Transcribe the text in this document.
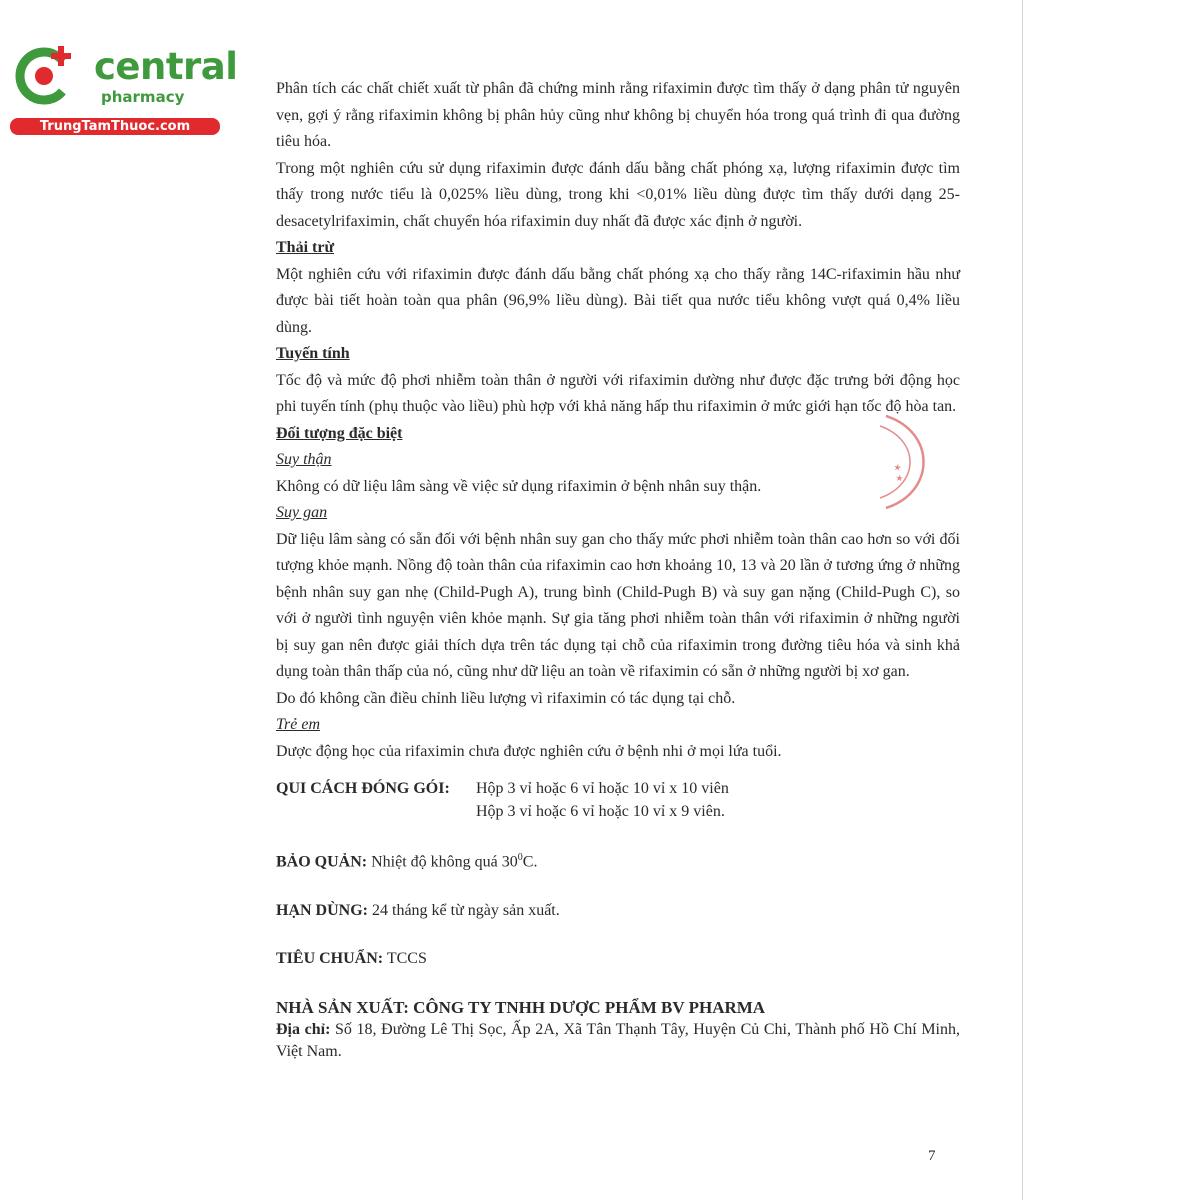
central
pharmacy
TrungTamThuoc.com
★ ★

Phân tích các chất chiết xuất từ phân đã chứng minh rằng rifaximin được tìm thấy ở dạng phân tử nguyên vẹn, gợi ý rằng rifaximin không bị phân hủy cũng như không bị chuyển hóa trong quá trình đi qua đường tiêu hóa.

Trong một nghiên cứu sử dụng rifaximin được đánh dấu bằng chất phóng xạ, lượng rifaximin được tìm thấy trong nước tiểu là 0,025% liều dùng, trong khi <0,01% liều dùng được tìm thấy dưới dạng 25-desacetylrifaximin, chất chuyển hóa rifaximin duy nhất đã được xác định ở người.

Thải trừ

Một nghiên cứu với rifaximin được đánh dấu bằng chất phóng xạ cho thấy rằng 14C-rifaximin hầu như được bài tiết hoàn toàn qua phân (96,9% liều dùng). Bài tiết qua nước tiểu không vượt quá 0,4% liều dùng.

Tuyến tính

Tốc độ và mức độ phơi nhiễm toàn thân ở người với rifaximin dường như được đặc trưng bởi động học phi tuyến tính (phụ thuộc vào liều) phù hợp với khả năng hấp thu rifaximin ở mức giới hạn tốc độ hòa tan.

Đối tượng đặc biệt
Suy thận

Không có dữ liệu lâm sàng về việc sử dụng rifaximin ở bệnh nhân suy thận.

Suy gan

Dữ liệu lâm sàng có sẵn đối với bệnh nhân suy gan cho thấy mức phơi nhiễm toàn thân cao hơn so với đối tượng khỏe mạnh. Nồng độ toàn thân của rifaximin cao hơn khoảng 10, 13 và 20 lần ở tương ứng ở những bệnh nhân suy gan nhẹ (Child-Pugh A), trung bình (Child-Pugh B) và suy gan nặng (Child-Pugh C), so với ở người tình nguyện viên khỏe mạnh. Sự gia tăng phơi nhiễm toàn thân với rifaximin ở những người bị suy gan nên được giải thích dựa trên tác dụng tại chỗ của rifaximin trong đường tiêu hóa và sinh khả dụng toàn thân thấp của nó, cũng như dữ liệu an toàn về rifaximin có sẵn ở những người bị xơ gan.

Do đó không cần điều chỉnh liều lượng vì rifaximin có tác dụng tại chỗ.

Trẻ em

Dược động học của rifaximin chưa được nghiên cứu ở bệnh nhi ở mọi lứa tuổi.

QUI CÁCH ĐÓNG GÓI:	Hộp 3 vỉ hoặc 6 vỉ hoặc 10 vỉ x 10 viên
Hộp 3 vỉ hoặc 6 vỉ hoặc 10 vỉ x 9 viên.
BẢO QUẢN: Nhiệt độ không quá $30^0C$.
HẠN DÙNG: 24 tháng kể từ ngày sản xuất.
TIÊU CHUẨN: TCCS
NHÀ SẢN XUẤT: CÔNG TY TNHH DƯỢC PHẨM BV PHARMA

Địa chỉ: Số 18, Đường Lê Thị Sọc, Ấp 2A, Xã Tân Thạnh Tây, Huyện Củ Chi, Thành phố Hồ Chí Minh, Việt Nam.

7
